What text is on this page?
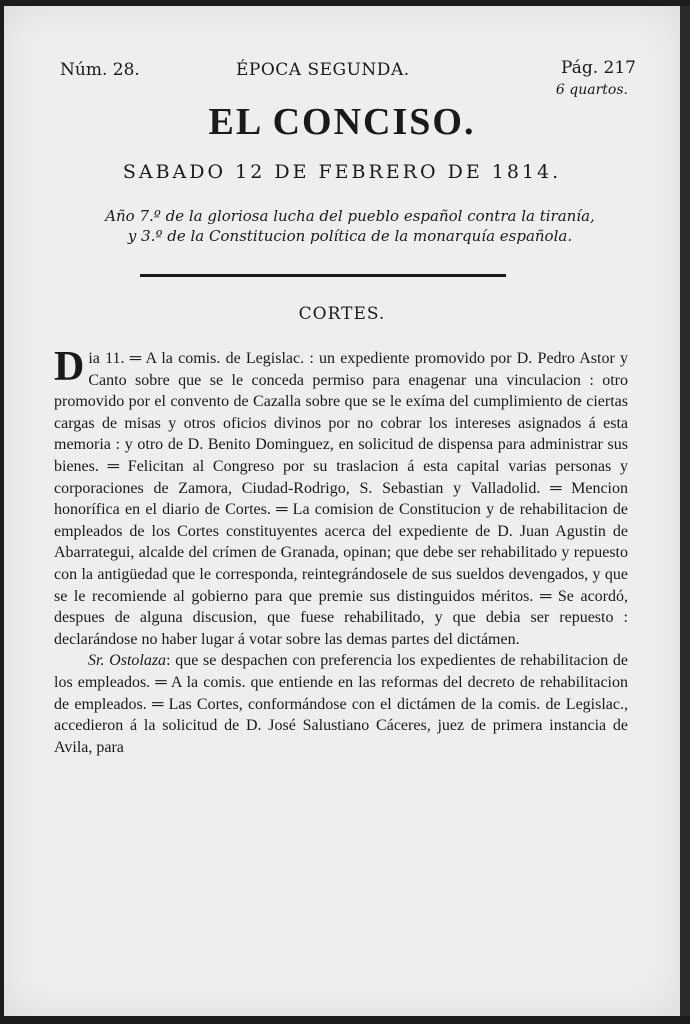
Núm. 28.	ÉPOCA SEGUNDA.	Pág. 217
6 quartos.
EL CONCISO.
SABADO 12 DE FEBRERO DE 1814.
Año 7.º de la gloriosa lucha del pueblo español contra la tiranía,
y 3.º de la Constitucion política de la monarquía española.
CORTES.

Dia 11. ═ A la comis. de Legislac. : un expediente promovido por D. Pedro Astor y Canto sobre que se le conceda permiso para enagenar una vinculacion : otro promovido por el convento de Cazalla sobre que se le exíma del cumplimiento de ciertas cargas de misas y otros oficios divinos por no cobrar los intereses asignados á esta memoria : y otro de D. Benito Dominguez, en solicitud de dispensa para administrar sus bienes. ═ Felicitan al Congreso por su traslacion á esta capital varias personas y corporaciones de Zamora, Ciudad-Rodrigo, S. Sebastian y Valladolid. ═ Mencion honorífica en el diario de Cortes. ═ La comision de Constitucion y de rehabilitacion de empleados de los Cortes constituyentes acerca del expediente de D. Juan Agustin de Abarrategui, alcalde del crímen de Granada, opinan; que debe ser rehabilitado y repuesto con la antigüedad que le corresponda, reintegrándosele de sus sueldos devengados, y que se le recomiende al gobierno para que premie sus distinguidos méritos. ═ Se acordó, despues de alguna discusion, que fuese rehabilitado, y que debia ser repuesto : declarándose no haber lugar á votar sobre las demas partes del dictámen.

Sr. Ostolaza: que se despachen con preferencia los expedientes de rehabilitacion de los empleados. ═ A la comis. que entiende en las reformas del decreto de rehabilitacion de empleados. ═ Las Cortes, conformándose con el dictámen de la comis. de Legislac., accedieron á la solicitud de D. José Salustiano Cáceres, juez de primera instancia de Avila, para
